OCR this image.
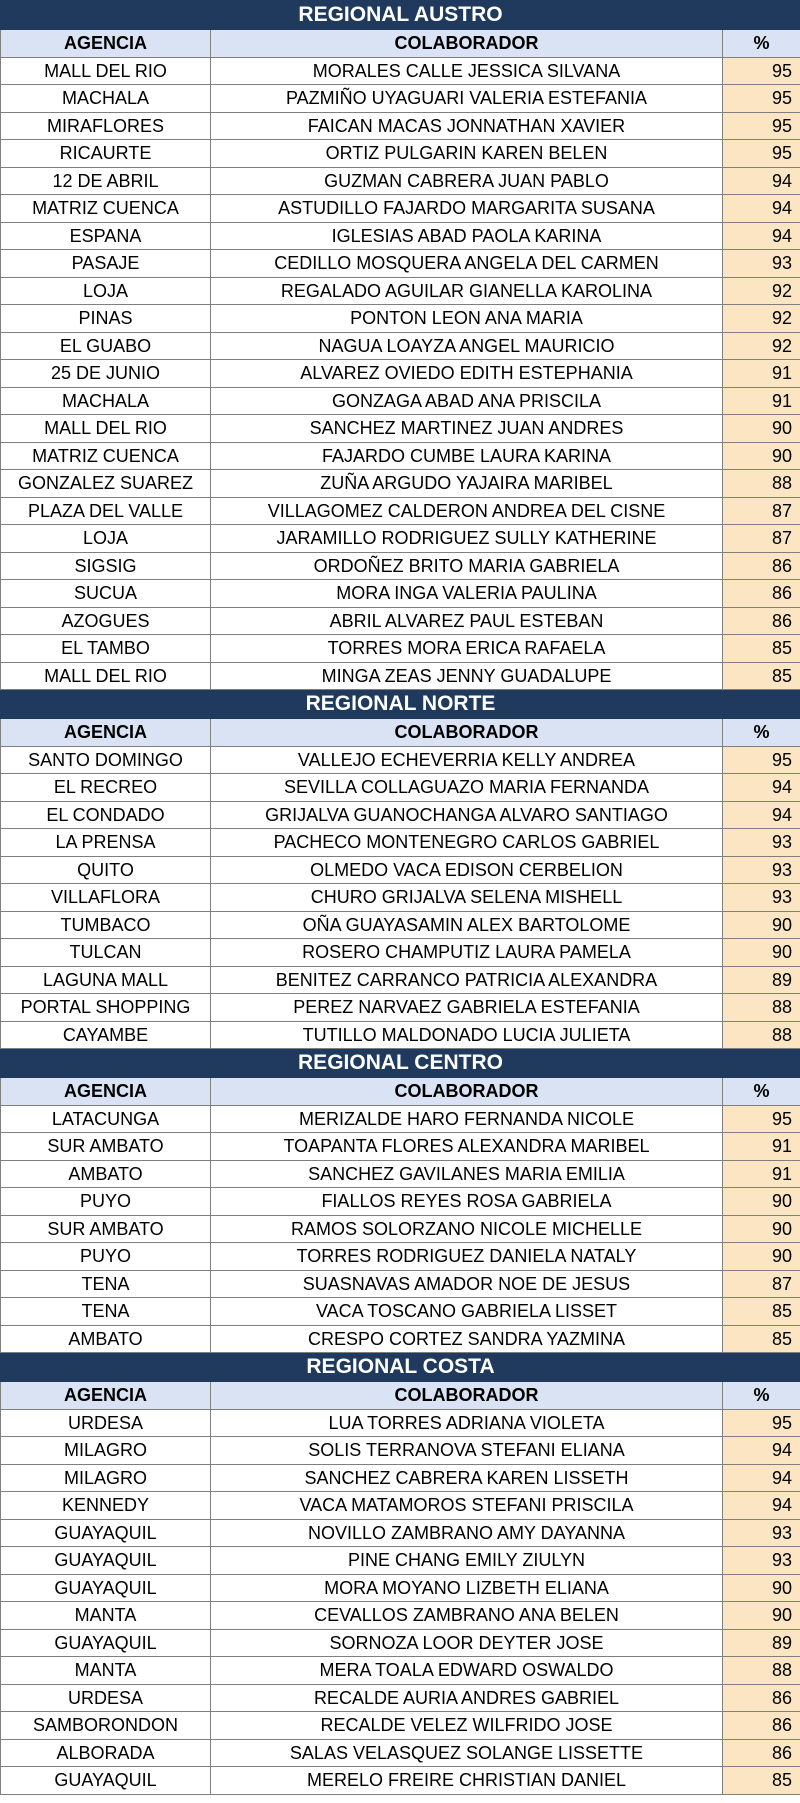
REGIONAL AUSTRO		
AGENCIA	COLABORADOR	%
MALL DEL RIO	MORALES CALLE JESSICA SILVANA	95
MACHALA	PAZMIÑO UYAGUARI VALERIA ESTEFANIA	95
MIRAFLORES	FAICAN MACAS JONNATHAN XAVIER	95
RICAURTE	ORTIZ PULGARIN KAREN BELEN	95
12 DE ABRIL	GUZMAN CABRERA JUAN PABLO	94
MATRIZ CUENCA	ASTUDILLO FAJARDO MARGARITA SUSANA	94
ESPANA	IGLESIAS ABAD PAOLA KARINA	94
PASAJE	CEDILLO MOSQUERA ANGELA DEL CARMEN	93
LOJA	REGALADO AGUILAR GIANELLA KAROLINA	92
PINAS	PONTON LEON ANA MARIA	92
EL GUABO	NAGUA LOAYZA ANGEL MAURICIO	92
25 DE JUNIO	ALVAREZ OVIEDO EDITH ESTEPHANIA	91
MACHALA	GONZAGA ABAD ANA PRISCILA	91
MALL DEL RIO	SANCHEZ MARTINEZ JUAN ANDRES	90
MATRIZ CUENCA	FAJARDO CUMBE LAURA KARINA	90
GONZALEZ SUAREZ	ZUÑA ARGUDO YAJAIRA MARIBEL	88
PLAZA DEL VALLE	VILLAGOMEZ CALDERON ANDREA DEL CISNE	87
LOJA	JARAMILLO RODRIGUEZ SULLY KATHERINE	87
SIGSIG	ORDOÑEZ BRITO MARIA GABRIELA	86
SUCUA	MORA INGA VALERIA PAULINA	86
AZOGUES	ABRIL ALVAREZ PAUL ESTEBAN	86
EL TAMBO	TORRES MORA ERICA RAFAELA	85
MALL DEL RIO	MINGA ZEAS JENNY GUADALUPE	85
REGIONAL NORTE		
AGENCIA	COLABORADOR	%
SANTO DOMINGO	VALLEJO ECHEVERRIA KELLY ANDREA	95
EL RECREO	SEVILLA COLLAGUAZO MARIA FERNANDA	94
EL CONDADO	GRIJALVA GUANOCHANGA ALVARO SANTIAGO	94
LA PRENSA	PACHECO MONTENEGRO CARLOS GABRIEL	93
QUITO	OLMEDO VACA EDISON CERBELION	93
VILLAFLORA	CHURO GRIJALVA SELENA MISHELL	93
TUMBACO	OÑA GUAYASAMIN ALEX BARTOLOME	90
TULCAN	ROSERO CHAMPUTIZ LAURA PAMELA	90
LAGUNA MALL	BENITEZ CARRANCO PATRICIA ALEXANDRA	89
PORTAL SHOPPING	PEREZ NARVAEZ GABRIELA ESTEFANIA	88
CAYAMBE	TUTILLO MALDONADO LUCIA JULIETA	88
REGIONAL CENTRO		
AGENCIA	COLABORADOR	%
LATACUNGA	MERIZALDE HARO FERNANDA NICOLE	95
SUR AMBATO	TOAPANTA FLORES ALEXANDRA MARIBEL	91
AMBATO	SANCHEZ GAVILANES MARIA EMILIA	91
PUYO	FIALLOS REYES ROSA GABRIELA	90
SUR AMBATO	RAMOS SOLORZANO NICOLE MICHELLE	90
PUYO	TORRES RODRIGUEZ DANIELA NATALY	90
TENA	SUASNAVAS AMADOR NOE DE JESUS	87
TENA	VACA TOSCANO GABRIELA LISSET	85
AMBATO	CRESPO CORTEZ SANDRA YAZMINA	85
REGIONAL COSTA		
AGENCIA	COLABORADOR	%
URDESA	LUA TORRES ADRIANA VIOLETA	95
MILAGRO	SOLIS TERRANOVA STEFANI ELIANA	94
MILAGRO	SANCHEZ CABRERA KAREN LISSETH	94
KENNEDY	VACA MATAMOROS STEFANI PRISCILA	94
GUAYAQUIL	NOVILLO ZAMBRANO AMY DAYANNA	93
GUAYAQUIL	PINE CHANG EMILY ZIULYN	93
GUAYAQUIL	MORA MOYANO LIZBETH ELIANA	90
MANTA	CEVALLOS ZAMBRANO ANA BELEN	90
GUAYAQUIL	SORNOZA LOOR DEYTER JOSE	89
MANTA	MERA TOALA EDWARD OSWALDO	88
URDESA	RECALDE AURIA ANDRES GABRIEL	86
SAMBORONDON	RECALDE VELEZ WILFRIDO JOSE	86
ALBORADA	SALAS VELASQUEZ SOLANGE LISSETTE	86
GUAYAQUIL	MERELO FREIRE CHRISTIAN DANIEL	85
